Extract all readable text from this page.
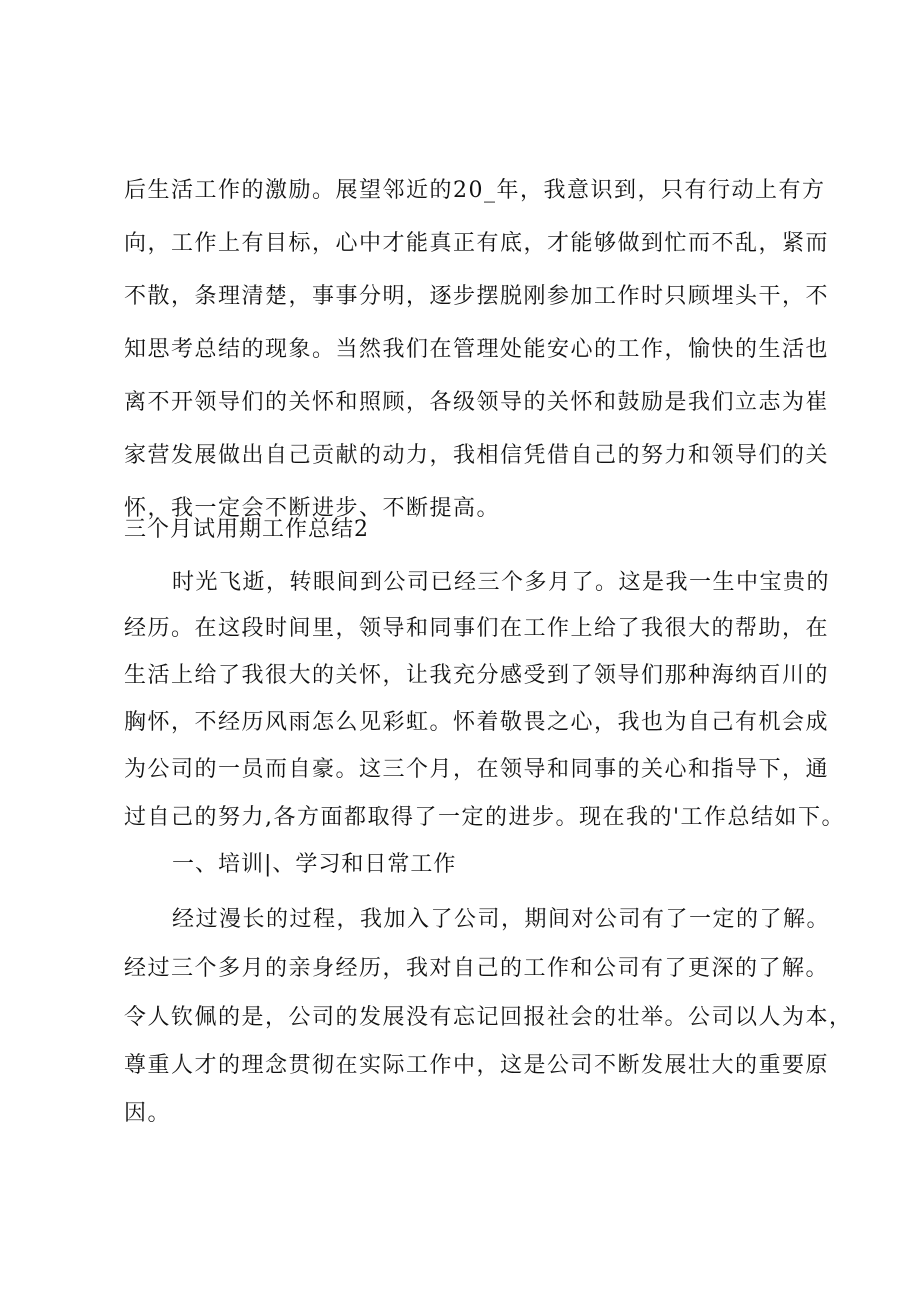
后生活工作的激励。展望邻近的20_年，我意识到，只有行动上有方
向，工作上有目标，心中才能真正有底，才能够做到忙而不乱，紧而
不散，条理清楚，事事分明，逐步摆脱刚参加工作时只顾埋头干，不
知思考总结的现象。当然我们在管理处能安心的工作，愉快的生活也
离不开领导们的关怀和照顾，各级领导的关怀和鼓励是我们立志为崔
家营发展做出自己贡献的动力，我相信凭借自己的努力和领导们的关
怀，我一定会不断进步、不断提高。
三个月试用期工作总结2
时光飞逝，转眼间到公司已经三个多月了。这是我一生中宝贵的
经历。在这段时间里，领导和同事们在工作上给了我很大的帮助，在
生活上给了我很大的关怀，让我充分感受到了领导们那种海纳百川的
胸怀，不经历风雨怎么见彩虹。怀着敬畏之心，我也为自己有机会成
为公司的一员而自豪。这三个月，在领导和同事的关心和指导下，通
过自己的努力,各方面都取得了一定的进步。现在我的'工作总结如下。
一、培训|、学习和日常工作
经过漫长的过程，我加入了公司，期间对公司有了一定的了解。
经过三个多月的亲身经历，我对自己的工作和公司有了更深的了解。
令人钦佩的是，公司的发展没有忘记回报社会的壮举。公司以人为本，
尊重人才的理念贯彻在实际工作中，这是公司不断发展壮大的重要原
因。
